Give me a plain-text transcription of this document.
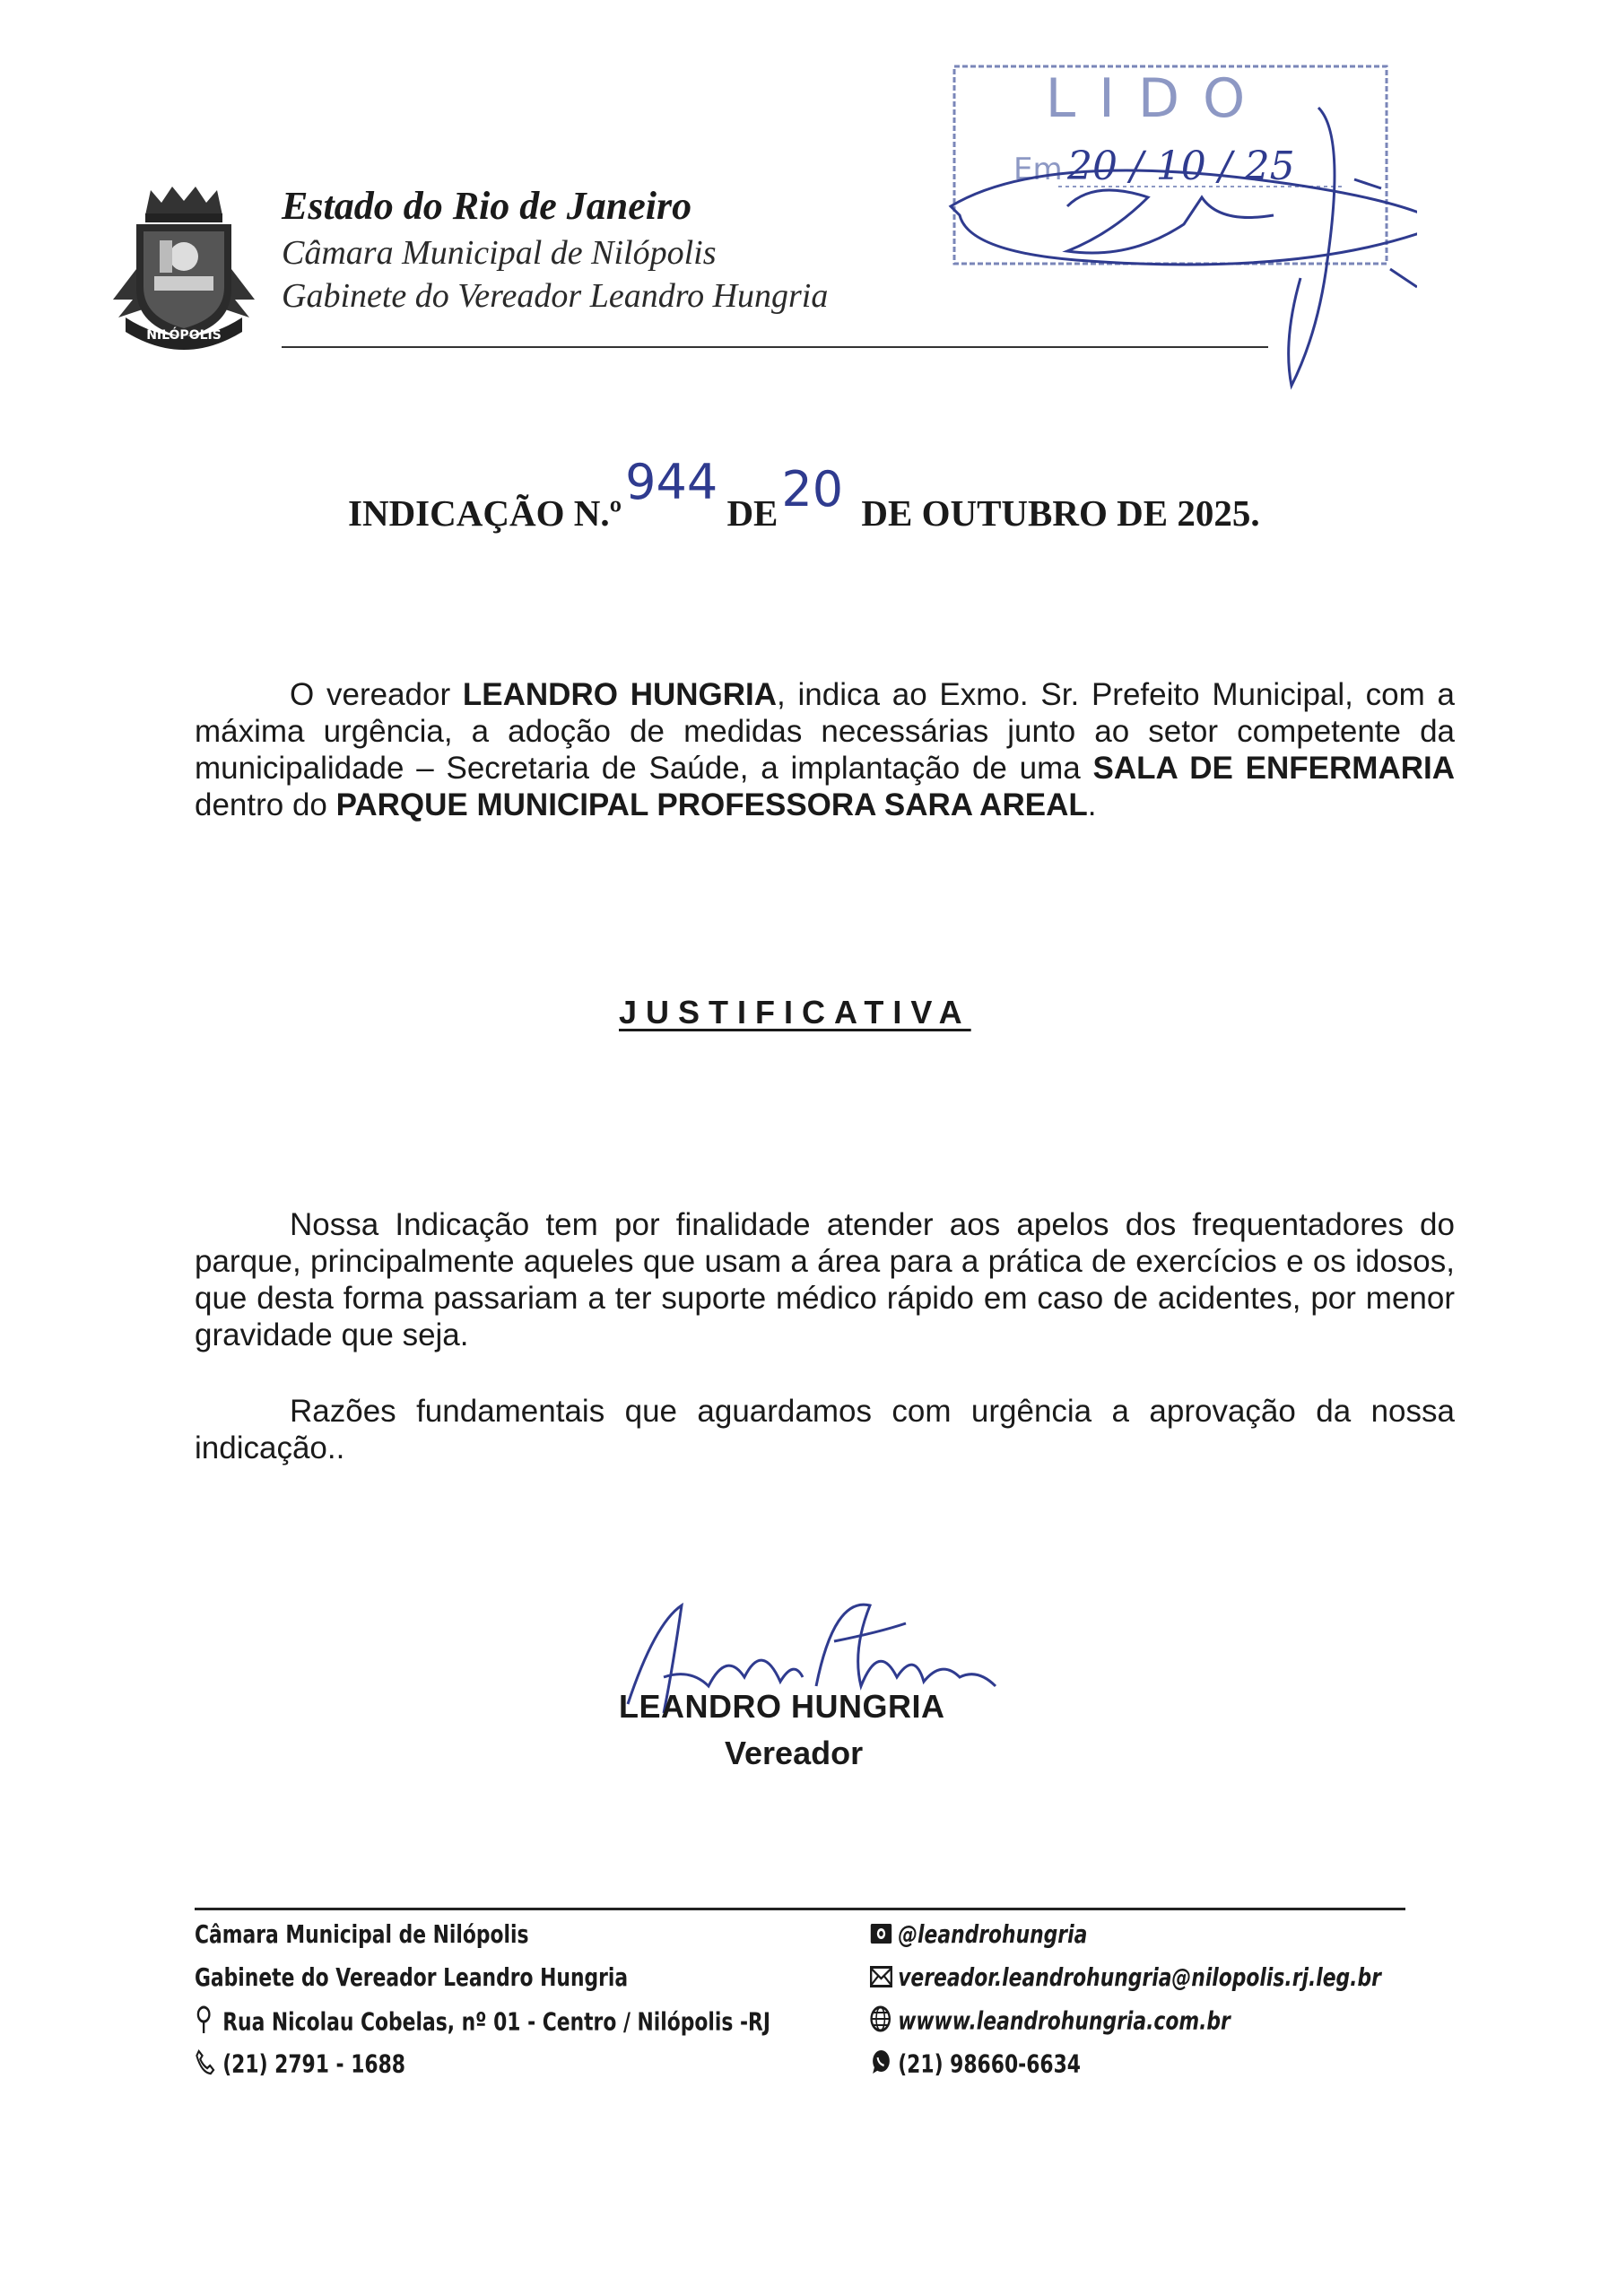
NILÓPOLIS
Estado do Rio de Janeiro
Câmara Municipal de Nilópolis
Gabinete do Vereador Leandro Hungria
LIDO
Em 20 / 10 / 25
INDICAÇÃO N.º944 DE20 DE OUTUBRO DE 2025.

O vereador LEANDRO HUNGRIA, indica ao Exmo. Sr. Prefeito Municipal, com a máxima urgência, a adoção de medidas necessárias junto ao setor competente da municipalidade – Secretaria de Saúde, a implantação de uma SALA DE ENFERMARIA dentro do PARQUE MUNICIPAL PROFESSORA SARA AREAL.

JUSTIFICATIVA

Nossa Indicação tem por finalidade atender aos apelos dos frequentadores do parque, principalmente aqueles que usam a área para a prática de exercícios e os idosos, que desta forma passariam a ter suporte médico rápido em caso de acidentes, por menor gravidade que seja.

Razões fundamentais que aguardamos com urgência a aprovação da nossa indicação..

LEANDRO HUNGRIA
Vereador
Câmara Municipal de Nilópolis
Gabinete do Vereador Leandro Hungria
Rua Nicolau Cobelas, nº 01 - Centro / Nilópolis -RJ
(21) 2791 - 1688
@leandrohungria
vereador.leandrohungria@nilopolis.rj.leg.br
wwww.leandrohungria.com.br
(21) 98660-6634
